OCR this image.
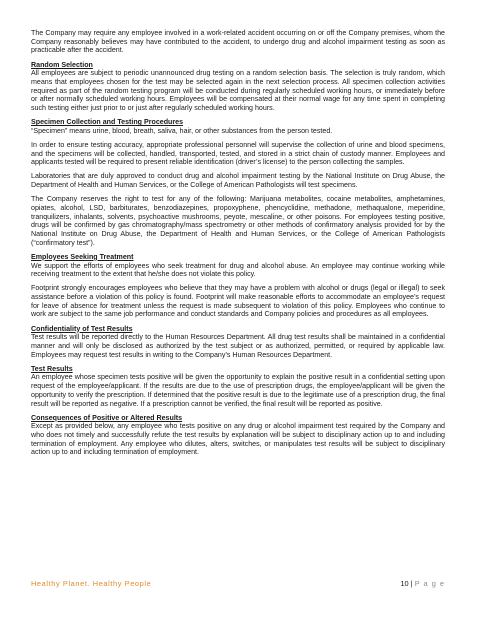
The Company may require any employee involved in a work-related accident occurring on or off the Company premises, whom the Company reasonably believes may have contributed to the accident, to undergo drug and alcohol impairment testing as soon as practicable after the accident.

Random Selection

All employees are subject to periodic unannounced drug testing on a random selection basis. The selection is truly random, which means that employees chosen for the test may be selected again in the next selection process. All specimen collection activities required as part of the random testing program will be conducted during regularly scheduled working hours, or immediately before or after normally scheduled working hours. Employees will be compensated at their normal wage for any time spent in completing such testing either just prior to or just after regularly scheduled working hours.

Specimen Collection and Testing Procedures

“Specimen” means urine, blood, breath, saliva, hair, or other substances from the person tested.

In order to ensure testing accuracy, appropriate professional personnel will supervise the collection of urine and blood specimens, and the specimens will be collected, handled, transported, tested, and stored in a strict chain of custody manner. Employees and applicants tested will be required to present reliable identification (driver’s license) to the person collecting the samples.

Laboratories that are duly approved to conduct drug and alcohol impairment testing by the National Institute on Drug Abuse, the Department of Health and Human Services, or the College of American Pathologists will test specimens.

The Company reserves the right to test for any of the following: Marijuana metabolites, cocaine metabolites, amphetamines, opiates, alcohol, LSD, barbiturates, benzodiazepines, propoxyphene, phencyclidine, methadone, methaqualone, meperidine, tranquilizers, inhalants, solvents, psychoactive mushrooms, peyote, mescaline, or other poisons. For employees testing positive, drugs will be confirmed by gas chromatography/mass spectrometry or other methods of confirmatory analysis provided for by the National Institute on Drug Abuse, the Department of Health and Human Services, or the College of American Pathologists (“confirmatory test”).

Employees Seeking Treatment

We support the efforts of employees who seek treatment for drug and alcohol abuse. An employee may continue working while receiving treatment to the extent that he/she does not violate this policy.

Footprint strongly encourages employees who believe that they may have a problem with alcohol or drugs (legal or illegal) to seek assistance before a violation of this policy is found. Footprint will make reasonable efforts to accommodate an employee’s request for leave of absence for treatment unless the request is made subsequent to violation of this policy. Employees who continue to work are subject to the same job performance and conduct standards and Company policies and procedures as all employees.

Confidentiality of Test Results

Test results will be reported directly to the Human Resources Department. All drug test results shall be maintained in a confidential manner and will only be disclosed as authorized by the test subject or as authorized, permitted, or required by applicable law. Employees may request test results in writing to the Company’s Human Resources Department.

Test Results

An employee whose specimen tests positive will be given the opportunity to explain the positive result in a confidential setting upon request of the employee/applicant. If the results are due to the use of prescription drugs, the employee/applicant will be given the opportunity to verify the prescription. If determined that the positive result is due to the legitimate use of a prescription drug, the final result will be reported as negative. If a prescription cannot be verified, the final result will be reported as positive.

Consequences of Positive or Altered Results

Except as provided below, any employee who tests positive on any drug or alcohol impairment test required by the Company and who does not timely and successfully refute the test results by explanation will be subject to disciplinary action up to and including termination of employment. Any employee who dilutes, alters, switches, or manipulates test results will be subject to disciplinary action up to and including termination of employment.

Healthy Planet. Healthy People	10 | P a g e
